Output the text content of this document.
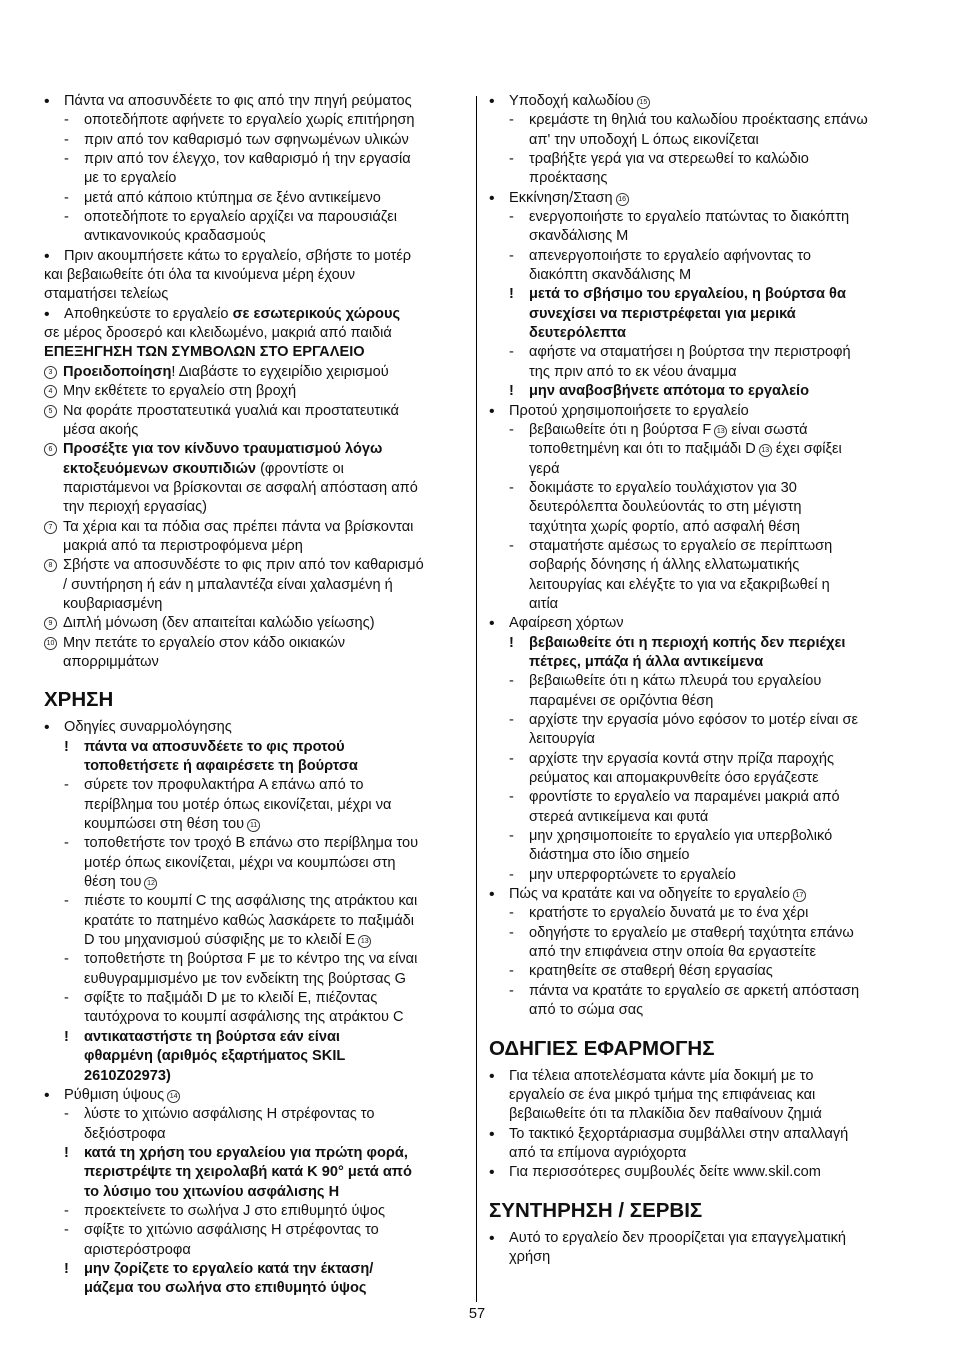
• Πάντα να αποσυνδέετε το φις από την πηγή ρεύματος
- οποτεδήποτε αφήνετε το εργαλείο χωρίς επιτήρηση
- πριν από τον καθαρισμό των σφηνωμένων υλικών
- πριν από τον έλεγχο, τον καθαρισμό ή την εργασία
με το εργαλείο
- μετά από κάποιο κτύπημα σε ξένο αντικείμενο
- οποτεδήποτε το εργαλείο αρχίζει να παρουσιάζει
αντικανονικούς κραδασμούς
• Πριν ακουμπήσετε κάτω το εργαλείο, σβήστε το μοτέρ
και βεβαιωθείτε ότι όλα τα κινούμενα μέρη έχουν
σταματήσει τελείως
• Αποθηκεύστε το εργαλείο σε εσωτερικούς χώρους
σε μέρος δροσερό και κλειδωμένο, μακριά από παιδιά
ΕΠΕΞΗΓΗΣΗ ΤΩΝ ΣΥΜΒΟΛΩΝ ΣΤΟ ΕΡΓΑΛΕΙΟ
3 Προειδοποίηση! Διαβάστε το εγχειρίδιο χειρισμού
4 Μην εκθέτετε το εργαλείο στη βροχή
5 Να φοράτε προστατευτικά γυαλιά και προστατευτικά
μέσα ακοής
6 Προσέξτε για τον κίνδυνο τραυματισμού λόγω
εκτοξευόμενων σκουπιδιών (φροντίστε οι
παριστάμενοι να βρίσκονται σε ασφαλή απόσταση από
την περιοχή εργασίας)
7 Τα χέρια και τα πόδια σας πρέπει πάντα να βρίσκονται
μακριά από τα περιστροφόμενα μέρη
8 Σβήστε να αποσυνδέστε το φις πριν από τον καθαρισμό
/ συντήρηση ή εάν η μπαλαντέζα είναι χαλασμένη ή
κουβαριασμένη
9 Διπλή μόνωση (δεν απαιτείται καλώδιο γείωσης)
10 Μην πετάτε το εργαλείο στον κάδο οικιακών
απορριμμάτων
ΧΡΗΣΗ
• Οδηγίες συναρμολόγησης
! πάντα να αποσυνδέετε το φις προτού
τοποθετήσετε ή αφαιρέσετε τη βούρτσα
- σύρετε τον προφυλακτήρα A επάνω από το
περίβλημα του μοτέρ όπως εικονίζεται, μέχρι να
κουμπώσει στη θέση του 11
- τοποθετήστε τον τροχό B επάνω στο περίβλημα του
μοτέρ όπως εικονίζεται, μέχρι να κουμπώσει στη
θέση του 12
- πιέστε το κουμπί C της ασφάλισης της ατράκτου και
κρατάτε το πατημένο καθώς λασκάρετε το παξιμάδι
D του μηχανισμού σύσφιξης με το κλειδί E 13
- τοποθετήστε τη βούρτσα F με το κέντρο της να είναι
ευθυγραμμισμένο με τον ενδείκτη της βούρτσας G
- σφίξτε το παξιμάδι D με το κλειδί E, πιέζοντας
ταυτόχρονα το κουμπί ασφάλισης της ατράκτου C
! αντικαταστήστε τη βούρτσα εάν είναι
φθαρμένη (αριθμός εξαρτήματος SKIL
2610Z02973)
• Ρύθμιση ύψους 14
- λύστε το χιτώνιο ασφάλισης H στρέφοντας το
δεξιόστροφα
! κατά τη χρήση του εργαλείου για πρώτη φορά,
περιστρέψτε τη χειρολαβή κατά K 90° μετά από
το λύσιμο του χιτωνίου ασφάλισης H
- προεκτείνετε το σωλήνα J στο επιθυμητό ύψος
- σφίξτε το χιτώνιο ασφάλισης H στρέφοντας το
αριστερόστροφα
! μην ζορίζετε το εργαλείο κατά την έκταση/
μάζεμα του σωλήνα στο επιθυμητό ύψος
• Υποδοχή καλωδίου 15
- κρεμάστε τη θηλιά του καλωδίου προέκτασης επάνω
απ' την υποδοχή L όπως εικονίζεται
- τραβήξτε γερά για να στερεωθεί το καλώδιο
προέκτασης
• Εκκίνηση/Σταση 16
- ενεργοποιήστε το εργαλείο πατώντας το διακόπτη
σκανδάλισης M
- απενεργοποιήστε το εργαλείο αφήνοντας το
διακόπτη σκανδάλισης M
! μετά το σβήσιμο του εργαλείου, η βούρτσα θα
συνεχίσει να περιστρέφεται για μερικά
δευτερόλεπτα
- αφήστε να σταματήσει η βούρτσα την περιστροφή
της πριν από το εκ νέου άναμμα
! μην αναβοσβήνετε απότομα το εργαλείο
• Προτού χρησιμοποιήσετε το εργαλείο
- βεβαιωθείτε ότι η βούρτσα F 13 είναι σωστά
τοποθετημένη και ότι το παξιμάδι D 13 έχει σφίξει
γερά
- δοκιμάστε το εργαλείο τουλάχιστον για 30
δευτερόλεπτα δουλεύοντάς το στη μέγιστη
ταχύτητα χωρίς φορτίο, από ασφαλή θέση
- σταματήστε αμέσως το εργαλείο σε περίπτωση
σοβαρής δόνησης ή άλλης ελλατωματικής
λειτουργίας και ελέγξτε το για να εξακριβωθεί η
αιτία
• Αφαίρεση χόρτων
! βεβαιωθείτε ότι η περιοχή κοπής δεν περιέχει
πέτρες, μπάζα ή άλλα αντικείμενα
- βεβαιωθείτε ότι η κάτω πλευρά του εργαλείου
παραμένει σε οριζόντια θέση
- αρχίστε την εργασία μόνο εφόσον το μοτέρ είναι σε
λειτουργία
- αρχίστε την εργασία κοντά στην πρίζα παροχής
ρεύματος και απομακρυνθείτε όσο εργάζεστε
- φροντίστε το εργαλείο να παραμένει μακριά από
στερεά αντικείμενα και φυτά
- μην χρησιμοποιείτε το εργαλείο για υπερβολικό
διάστημα στο ίδιο σημείο
- μην υπερφορτώνετε το εργαλείο
• Πώς να κρατάτε και να οδηγείτε το εργαλείο 17
- κρατήστε το εργαλείο δυνατά με το ένα χέρι
- οδηγήστε το εργαλείο με σταθερή ταχύτητα επάνω
από την επιφάνεια στην οποία θα εργαστείτε
- κρατηθείτε σε σταθερή θέση εργασίας
- πάντα να κρατάτε το εργαλείο σε αρκετή απόσταση
από το σώμα σας
ΟΔΗΓΙΕΣ ΕΦΑΡΜΟΓΗΣ
• Για τέλεια αποτελέσματα κάντε μία δοκιμή με το
εργαλείο σε ένα μικρό τμήμα της επιφάνειας και
βεβαιωθείτε ότι τα πλακίδια δεν παθαίνουν ζημιά
• Το τακτικό ξεχορτάριασμα συμβάλλει στην απαλλαγή
από τα επίμονα αγριόχορτα
• Για περισσότερες συμβουλές δείτε www.skil.com
ΣΥΝΤΗΡΗΣΗ / ΣΕΡΒΙΣ
• Αυτό το εργαλείο δεν προορίζεται για επαγγελματική
χρήση
57
